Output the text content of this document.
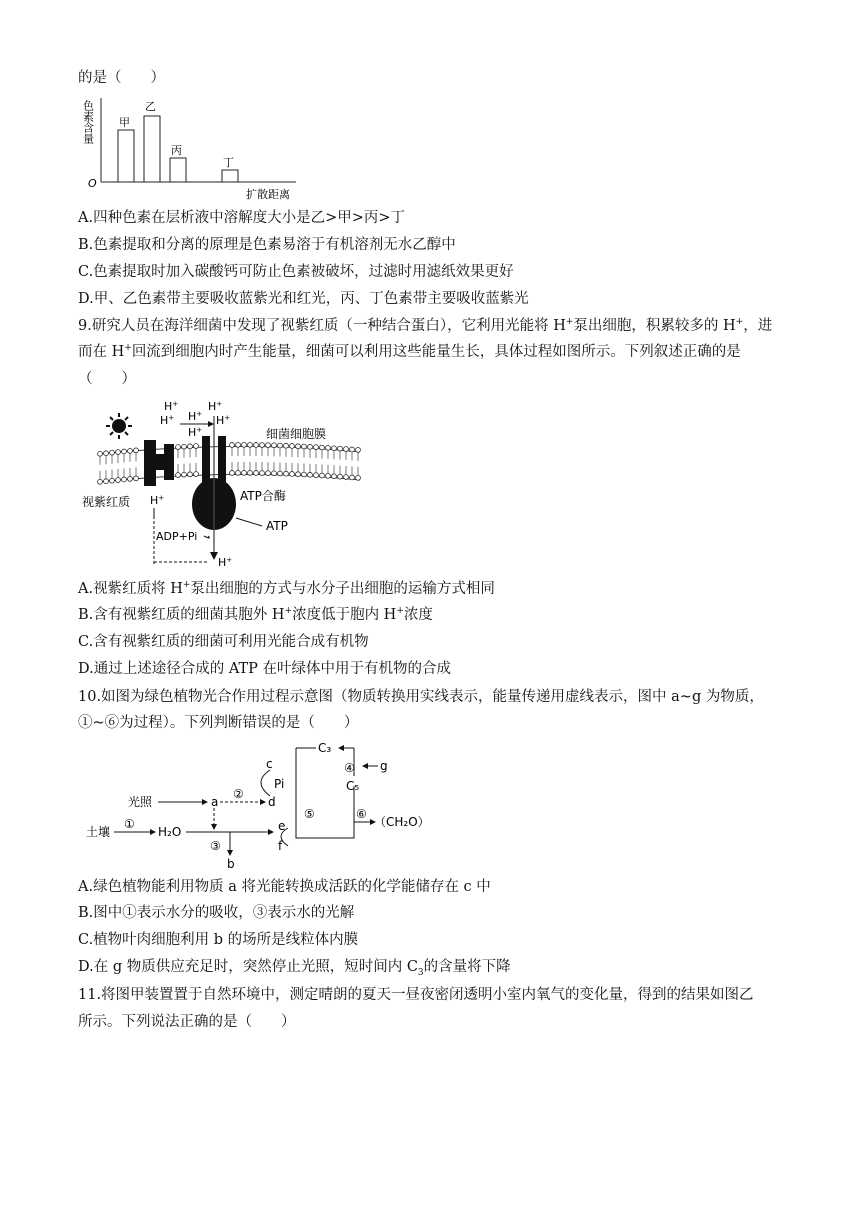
的是（　　）
色素含量
O
甲
乙
丙
丁
扩散距离
A.四种色素在层析液中溶解度大小是乙>甲>丙>丁
B.色素提取和分离的原理是色素易溶于有机溶剂无水乙醇中
C.色素提取时加入碳酸钙可防止色素被破坏，过滤时用滤纸效果更好
D.甲、乙色素带主要吸收蓝紫光和红光，丙、丁色素带主要吸收蓝紫光
9.研究人员在海洋细菌中发现了视紫红质（一种结合蛋白），它利用光能将 H+泵出细胞，积累较多的 H+，进
而在 H+回流到细胞内时产生能量，细菌可以利用这些能量生长，具体过程如图所示。下列叙述正确的是
（　　）
H+
H+ H+
H+
H+
H+
细菌细胞膜
ATP合酶
ATP
视紫红质 H+
ADP+Pi
H+
A.视紫红质将 H+泵出细胞的方式与水分子出细胞的运输方式相同
B.含有视紫红质的细菌其胞外 H+浓度低于胞内 H+浓度
C.含有视紫红质的细菌可利用光能合成有机物
D.通过上述途径合成的 ATP 在叶绿体中用于有机物的合成
10.如图为绿色植物光合作用过程示意图（物质转换用实线表示，能量传递用虚线表示，图中 a~g 为物质，
①~⑥为过程）。下列判断错误的是（　　）
光照	a
②
d
c
Pi
土壤
①
H₂O
③
b
e
f
C₃
④ g
C₅
⑤	⑥
（CH₂O）
A.绿色植物能利用物质 a 将光能转换成活跃的化学能储存在 c 中
B.图中①表示水分的吸收，③表示水的光解
C.植物叶肉细胞利用 b 的场所是线粒体内膜
D.在 g 物质供应充足时，突然停止光照，短时间内 $C_3$的含量将下降
11.将图甲装置置于自然环境中，测定晴朗的夏天一昼夜密闭透明小室内氧气的变化量，得到的结果如图乙
所示。下列说法正确的是（　　）
